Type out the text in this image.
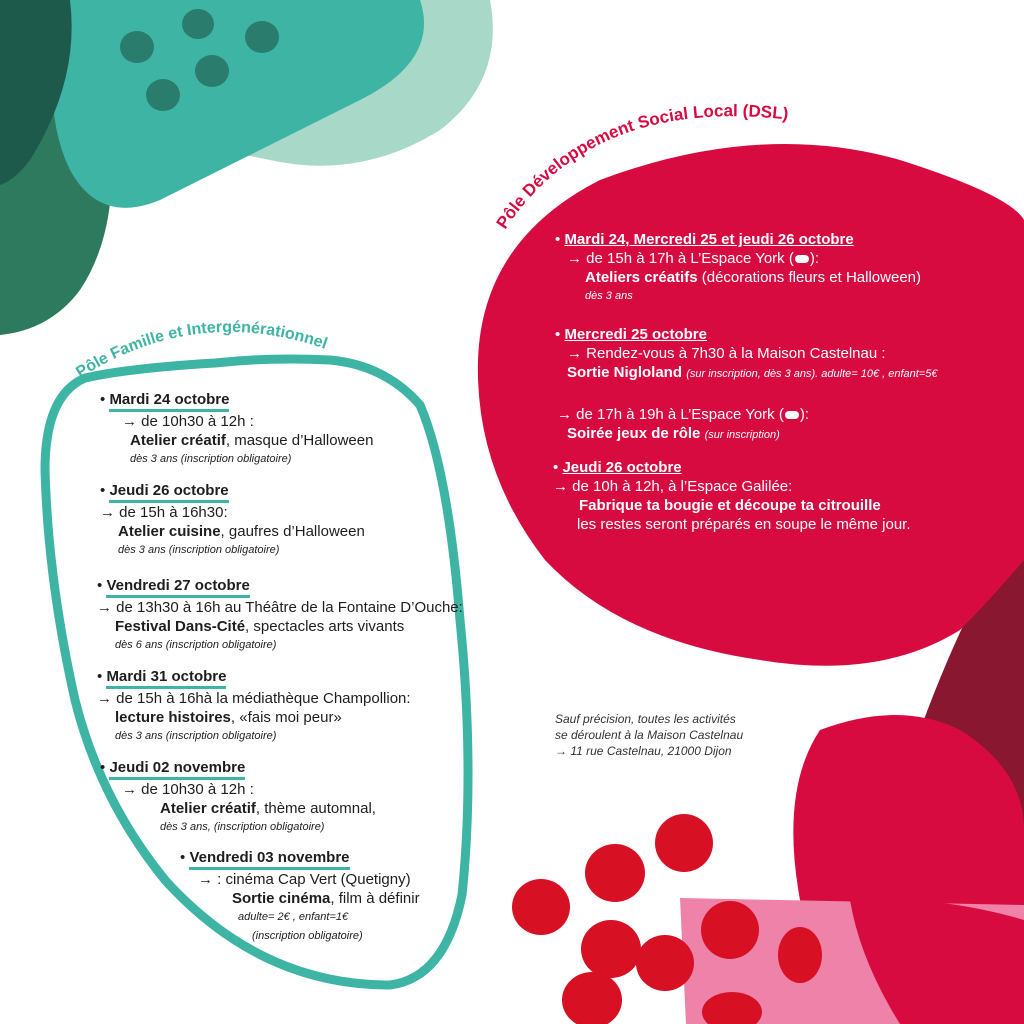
Pôle Famille et Intergénérationnel
Pôle Développement Social Local (DSL)
• Mardi 24 octobre
→ de 10h30 à 12h :
Atelier créatif, masque d’Halloween
dès 3 ans (inscription obligatoire)
• Jeudi 26 octobre
→ de 15h à 16h30:
Atelier cuisine, gaufres d’Halloween
dès 3 ans (inscription obligatoire)
• Vendredi 27 octobre
→ de 13h30 à 16h au Théâtre de la Fontaine D’Ouche:
Festival Dans-Cité, spectacles arts vivants
dès 6 ans (inscription obligatoire)
• Mardi 31 octobre
→ de 15h à 16hà la médiathèque Champollion:
lecture histoires, «fais moi peur»
dès 3 ans (inscription obligatoire)
• Jeudi 02 novembre
→ de 10h30 à 12h :
Atelier créatif, thème automnal,
dès 3 ans, (inscription obligatoire)
• Vendredi 03 novembre
→ : cinéma Cap Vert (Quetigny)
Sortie cinéma, film à définir
adulte= 2€ , enfant=1€
(inscription obligatoire)
• Mardi 24, Mercredi 25 et jeudi 26 octobre
→ de 15h à 17h à L’Espace York ( ):
Ateliers créatifs (décorations fleurs et Halloween)
dès 3 ans
• Mercredi 25 octobre
→ Rendez-vous à 7h30 à la Maison Castelnau :
Sortie Nigloland (sur inscription, dès 3 ans). adulte= 10€ , enfant=5€
→ de 17h à 19h à L’Espace York ( ):
Soirée jeux de rôle (sur inscription)
• Jeudi 26 octobre
→ de 10h à 12h, à l’Espace Galilée:
Fabrique ta bougie et découpe ta citrouille
les restes seront préparés en soupe le même jour.
Sauf précision, toutes les activités
se déroulent à la Maison Castelnau
→ 11 rue Castelnau, 21000 Dijon
